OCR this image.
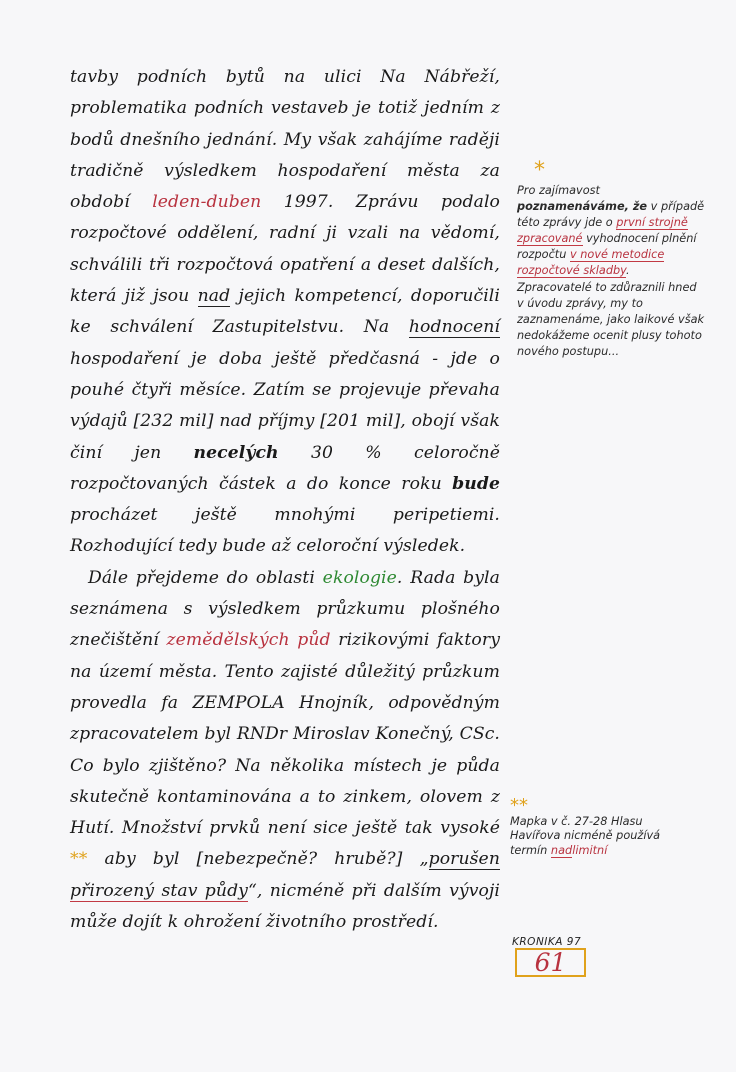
tavby podních bytů na ulici Na Nábřeží, problematika podních vestaveb je totiž jedním z bodů dnešního jednání. My však zahájíme raději tradičně výsledkem hospodaření města za období leden-duben 1997. Zprávu podalo rozpočtové oddělení, radní ji vzali na vědomí, schválili tři rozpočtová opatření a deset dalších, která již jsou nad jejich kompetencí, doporučili ke schválení Zastupitelstvu. Na hodnocení hospodaření je doba ještě předčasná - jde o pouhé čtyři měsíce. Zatím se projevuje převaha výdajů [232 mil] nad příjmy [201 mil], obojí však činí jen necelých 30 % celoročně rozpočtovaných částek a do konce roku bude procházet ještě mnohými peripetiemi. Rozhodující tedy bude až celoroční výsledek.

Dále přejdeme do oblasti ekologie. Rada byla seznámena s výsledkem průzkumu plošného znečištění zemědělských půd rizikovými faktory na území města. Tento zajisté důležitý průzkum provedla fa ZEMPOLA Hnojník, odpovědným zpracovatelem byl RNDr Miroslav Konečný, CSc. Co bylo zjištěno? Na několika místech je půda skutečně kontaminována a to zinkem, olovem z Hutí. Množství prvků není sice ještě tak vysoké ** aby byl [nebezpečně? hrubě?] „porušen přirozený stav půdy“, nicméně při dalším vývoji může dojít k ohrožení životního prostředí.

*
Pro zajímavost poznamenáváme, že v případě této zprávy jde o první strojně zpracované vyhodnocení plnění rozpočtu v nové metodice rozpočtové skladby. Zpracovatelé to zdůraznili hned v úvodu zprávy, my to zaznamenáme, jako laikové však nedokážeme ocenit plusy tohoto nového postupu...
**
Mapka v č. 27-28 Hlasu Havířova nicméně používá termín nadlimitní
KRONIKA 97
61
